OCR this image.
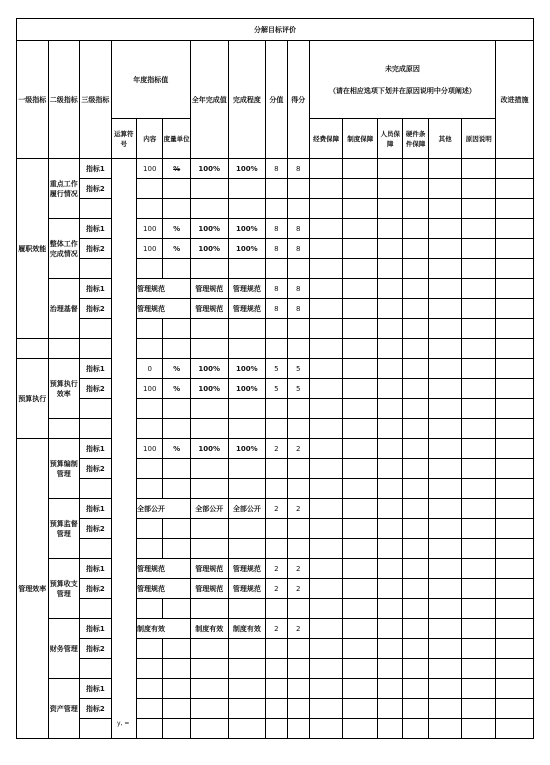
分解目标评价																
一级指标	二级指标	三级指标	年度指标值			全年完成值	完成程度	分值	得分	未完成原因
（请在相应选项下划并在原因说明中分项阐述）						改进措施
			运算符号	内容	度量单位					经费保障	制度保障	人员保障	硬件条件保障	其他	原因说明	
履职效能	重点工作履行情况	指标1		100	%	100%	100%	8	8							
		指标2														

	整体工作完成情况	指标1		100	%	100%	100%	8	8							
		指标2		100	%	100%	100%	8	8							

	治理基督	指标1		管理规范		管理规范	管理规范	8	8							
		指标2		管理规范		管理规范	管理规范	8	8							

预算执行	预算执行效率	指标1		0	%	100%	100%	5	5							
		指标2		100	%	100%	100%	5	5							

管理效率	预算编制管理	指标1		100	%	100%	100%	2	2							
		指标2														

	预算监督管理	指标1		全部公开		全部公开	全部公开	2	2							
		指标2														

	预算收支管理	指标1		管理规范		管理规范	管理规范	2	2							
		指标2		管理规范		管理规范	管理规范	2	2							

	财务管理	指标1		制度有效		制度有效	制度有效	2	2							
		指标2														

	资产管理	指标1														
		指标2														

y, =
